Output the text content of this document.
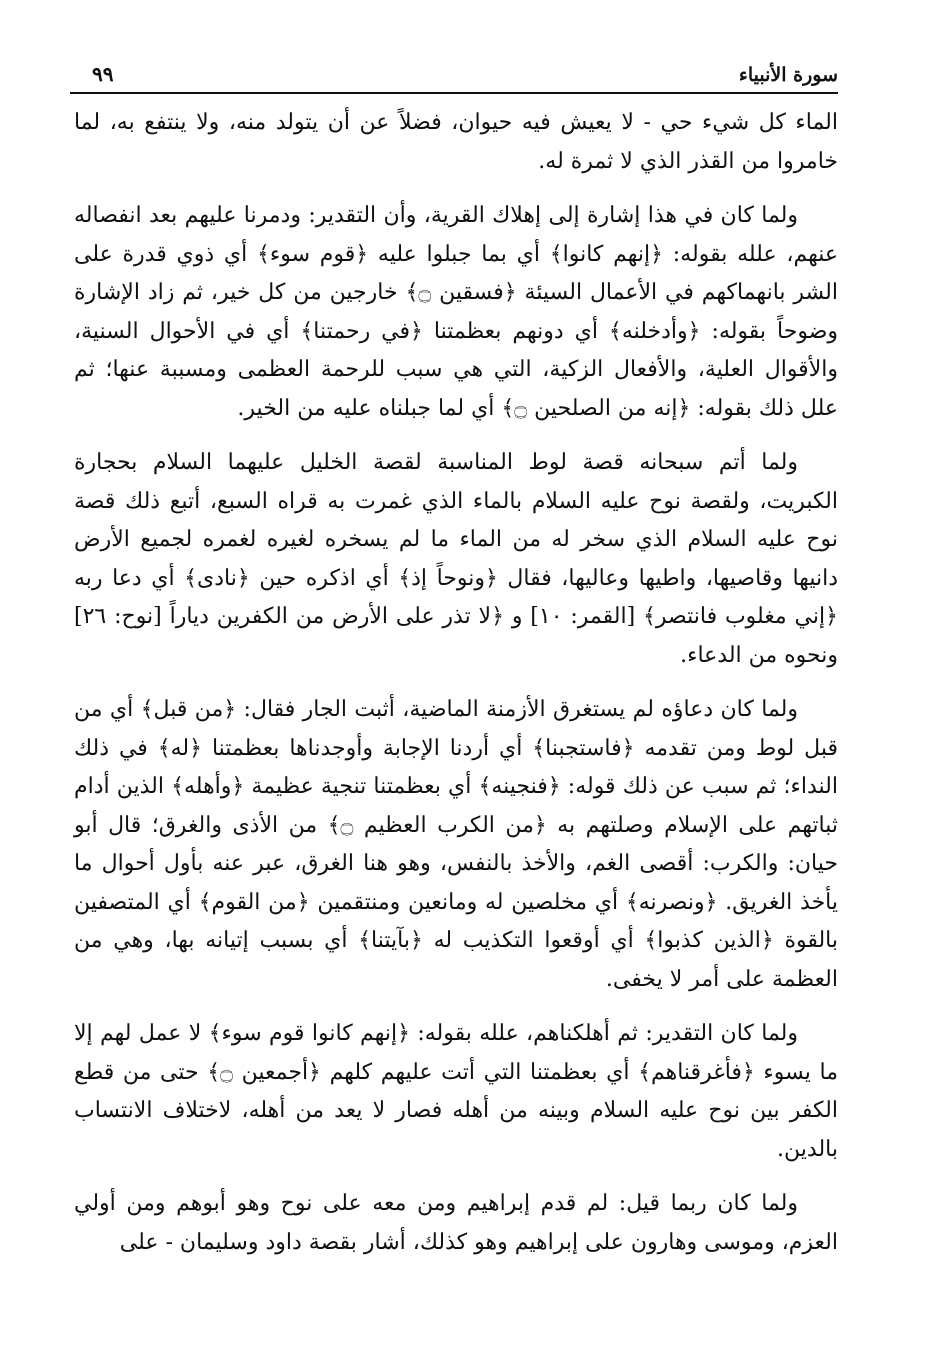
٩٩	سورة الأنبياء

الماء كل شيء حي - لا يعيش فيه حيوان، فضلاً عن أن يتولد منه، ولا ينتفع به، لما خامروا من القذر الذي لا ثمرة له.

ولما كان في هذا إشارة إلى إهلاك القرية، وأن التقدير: ودمرنا عليهم بعد انفصاله عنهم، علله بقوله: ﴿إنهم كانوا﴾ أي بما جبلوا عليه ﴿قوم سوء﴾ أي ذوي قدرة على الشر بانهماكهم في الأعمال السيئة ﴿فسقين ۝﴾ خارجين من كل خير، ثم زاد الإشارة وضوحاً بقوله: ﴿وأدخلنه﴾ أي دونهم بعظمتنا ﴿في رحمتنا﴾ أي في الأحوال السنية، والأقوال العلية، والأفعال الزكية، التي هي سبب للرحمة العظمى ومسببة عنها؛ ثم علل ذلك بقوله: ﴿إنه من الصلحين ۝﴾ أي لما جبلناه عليه من الخير.

ولما أتم سبحانه قصة لوط المناسبة لقصة الخليل عليهما السلام بحجارة الكبريت، ولقصة نوح عليه السلام بالماء الذي غمرت به قراه السبع، أتبع ذلك قصة نوح عليه السلام الذي سخر له من الماء ما لم يسخره لغيره لغمره لجميع الأرض دانيها وقاصيها، واطيها وعاليها، فقال ﴿ونوحاً إذ﴾ أي اذكره حين ﴿نادى﴾ أي دعا ربه ﴿إني مغلوب فانتصر﴾ [القمر: ١٠] و ﴿لا تذر على الأرض من الكفرين دياراً [نوح: ٢٦] ونحوه من الدعاء.

ولما كان دعاؤه لم يستغرق الأزمنة الماضية، أثبت الجار فقال: ﴿من قبل﴾ أي من قبل لوط ومن تقدمه ﴿فاستجبنا﴾ أي أردنا الإجابة وأوجدناها بعظمتنا ﴿له﴾ في ذلك النداء؛ ثم سبب عن ذلك قوله: ﴿فنجينه﴾ أي بعظمتنا تنجية عظيمة ﴿وأهله﴾ الذين أدام ثباتهم على الإسلام وصلتهم به ﴿من الكرب العظيم ۝﴾ من الأذى والغرق؛ قال أبو حيان: والكرب: أقصى الغم، والأخذ بالنفس، وهو هنا الغرق، عبر عنه بأول أحوال ما يأخذ الغريق. ﴿ونصرنه﴾ أي مخلصين له ومانعين ومنتقمين ﴿من القوم﴾ أي المتصفين بالقوة ﴿الذين كذبوا﴾ أي أوقعوا التكذيب له ﴿بآيتنا﴾ أي بسبب إتيانه بها، وهي من العظمة على أمر لا يخفى.

ولما كان التقدير: ثم أهلكناهم، علله بقوله: ﴿إنهم كانوا قوم سوء﴾ لا عمل لهم إلا ما يسوء ﴿فأغرقناهم﴾ أي بعظمتنا التي أتت عليهم كلهم ﴿أجمعين ۝﴾ حتى من قطع الكفر بين نوح عليه السلام وبينه من أهله فصار لا يعد من أهله، لاختلاف الانتساب بالدين.

ولما كان ربما قيل: لم قدم إبراهيم ومن معه على نوح وهو أبوهم ومن أولي العزم، وموسى وهارون على إبراهيم وهو كذلك، أشار بقصة داود وسليمان - على
